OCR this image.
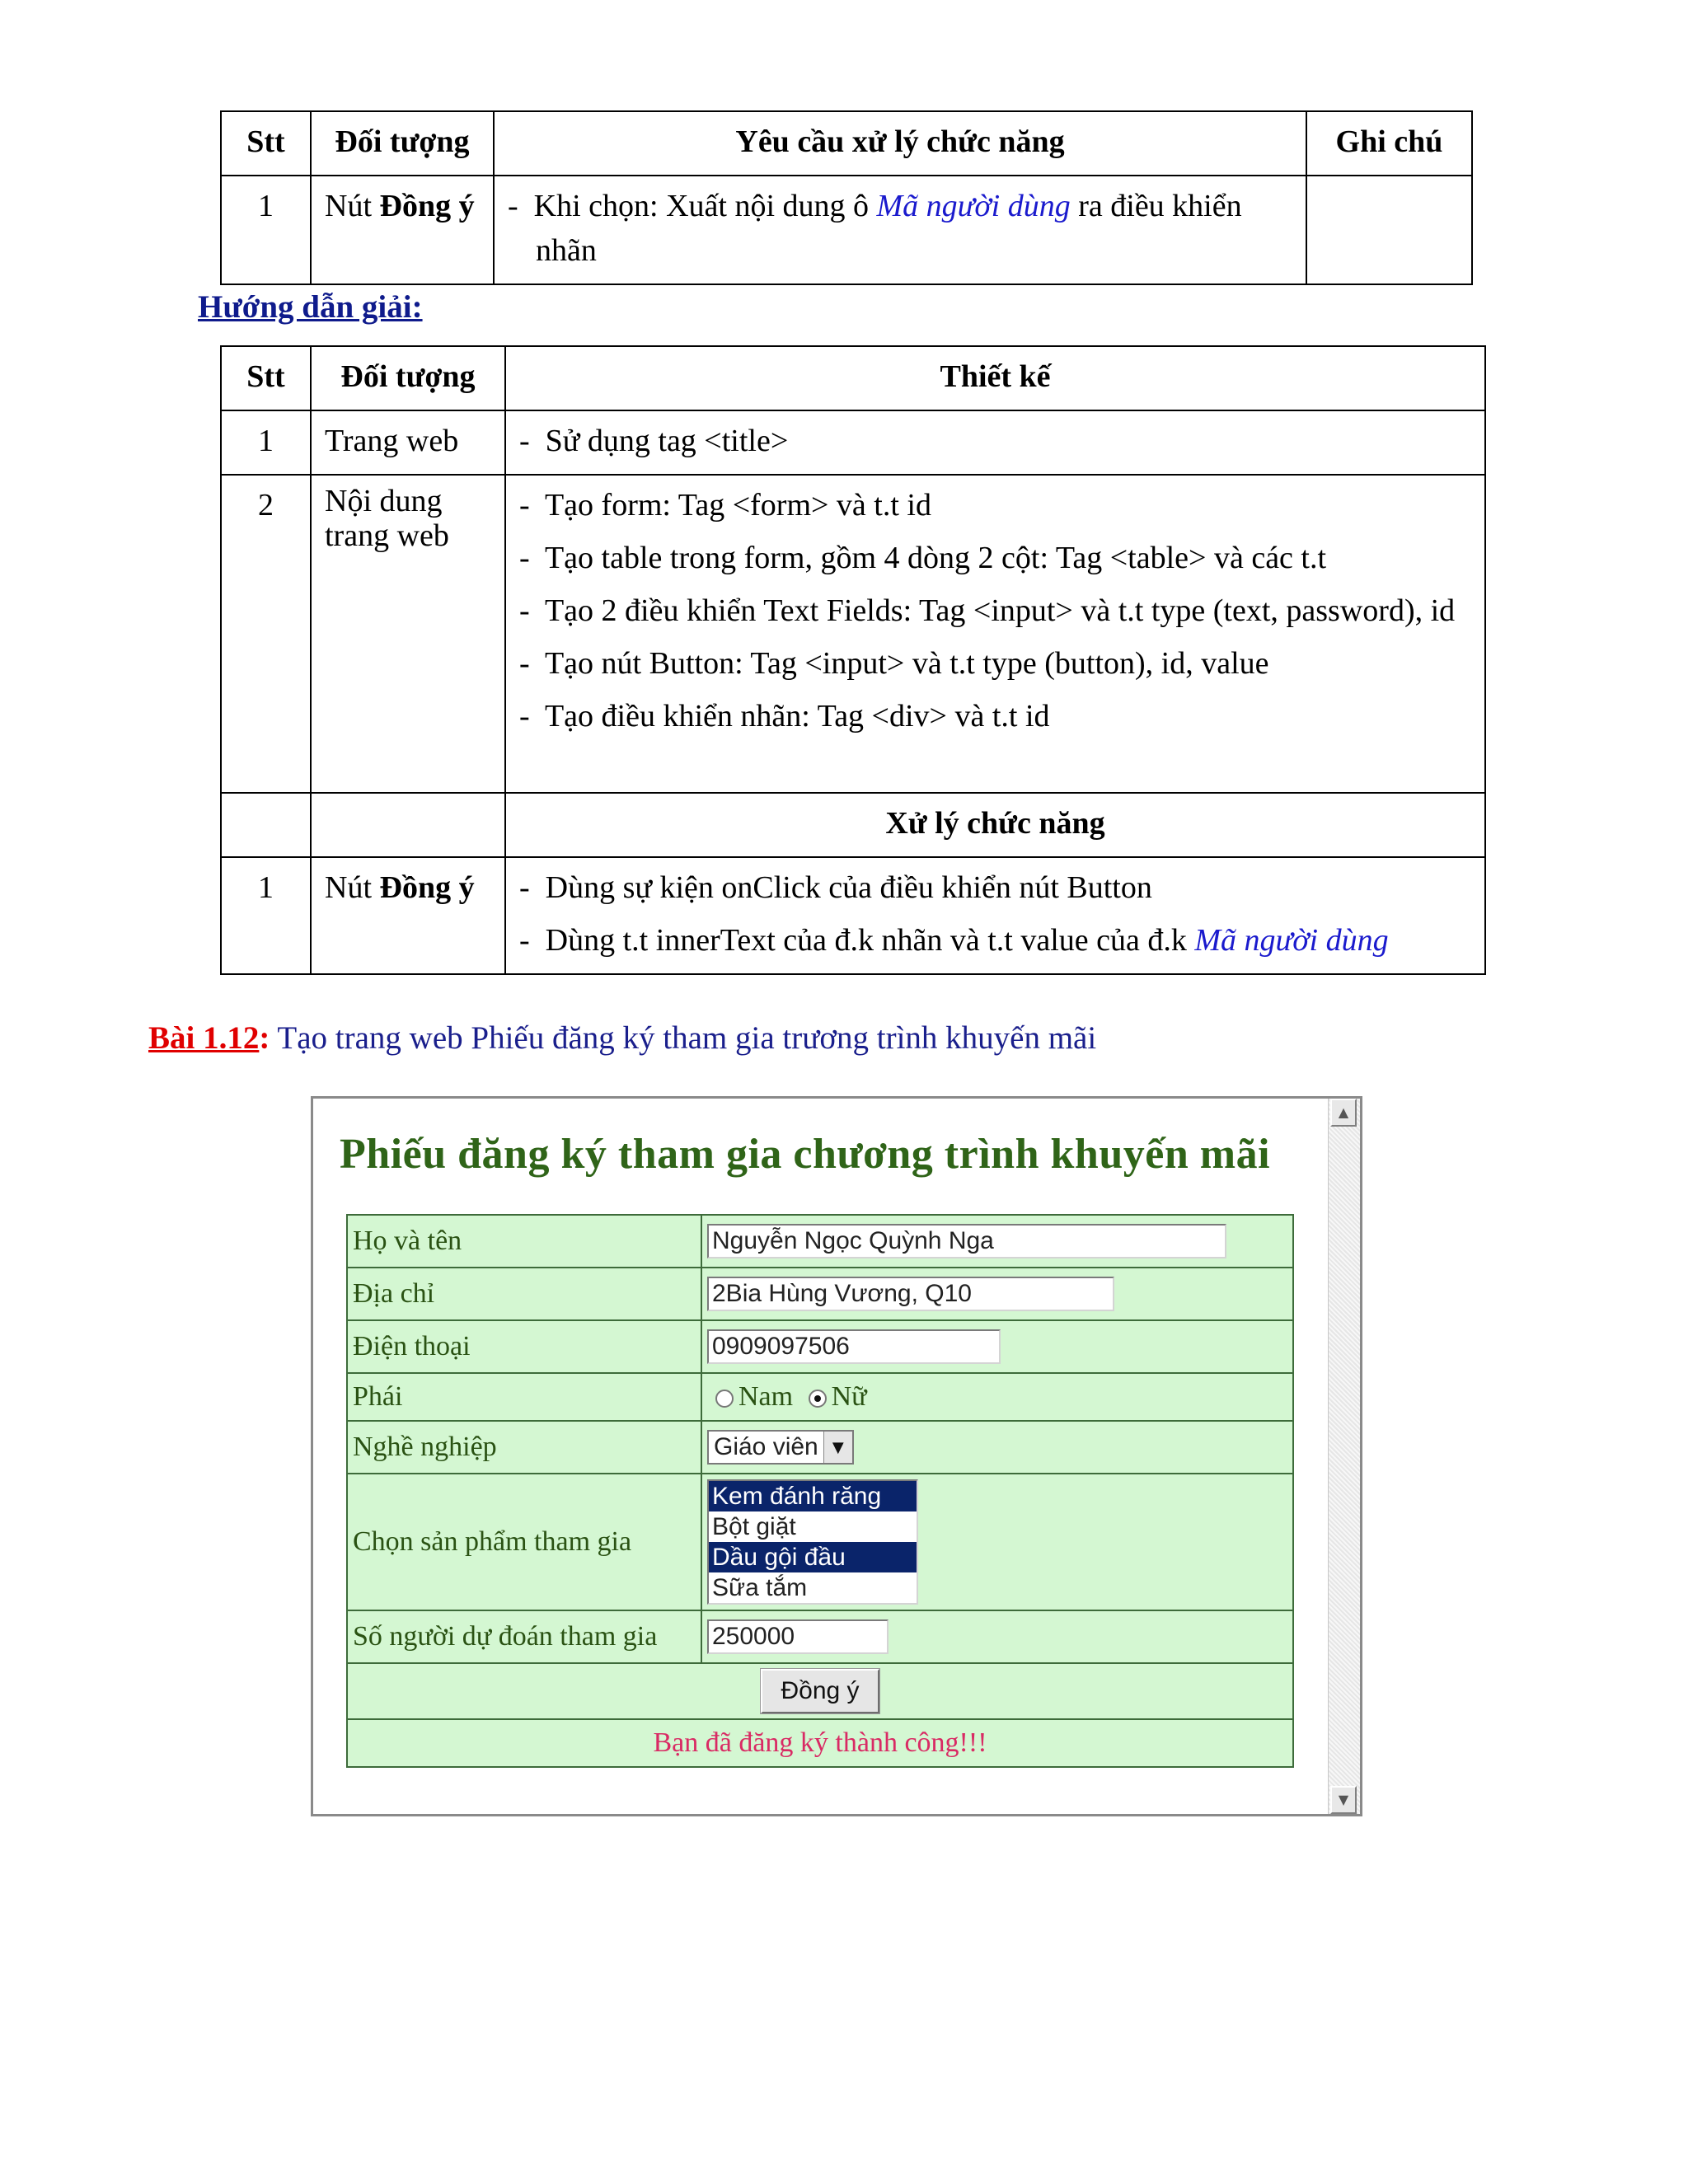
Stt	Đối tượng	Yêu cầu xử lý chức năng	Ghi chú
1	Nút Đồng ý	-  Khi chọn: Xuất nội dung ô Mã người dùng ra điều khiển nhãn	

Hướng dẫn giải:
Stt	Đối tượng	Thiết kế
1	Trang web	-  Sử dụng tag <title>

2	Nội dung trang web	-  Tạo form: Tag <form> và t.t id
-  Tạo table trong form, gồm 4 dòng 2 cột: Tag <table> và các t.t
-  Tạo 2 điều khiển Text Fields: Tag <input> và t.t type (text, password), id
-  Tạo nút Button: Tag <input> và t.t type (button), id, value
-  Tạo điều khiển nhãn: Tag <div> và t.t id

		Xử lý chức năng
1	Nút Đồng ý	-  Dùng sự kiện onClick của điều khiển nút Button
-  Dùng t.t innerText của đ.k nhãn và t.t value của đ.k Mã người dùng
Bài 1.12: Tạo trang web Phiếu đăng ký tham gia trương trình khuyến mãi
▲
▼
Phiếu đăng ký tham gia chương trình khuyến mãi
Họ và tên	Nguyễn Ngọc Quỳnh Nga
Địa chỉ	2Bia Hùng Vương, Q10
Điện thoại	0909097506
Phái	Nam Nữ
Nghề nghiệp	Giáo viên ▼

Chọn sản phẩm tham gia	Kem đánh răng
Bột giặt
Dầu gội đầu
Sữa tắm

Số người dự đoán tham gia	250000
Đồng ý	
Bạn đã đăng ký thành công!!!	
